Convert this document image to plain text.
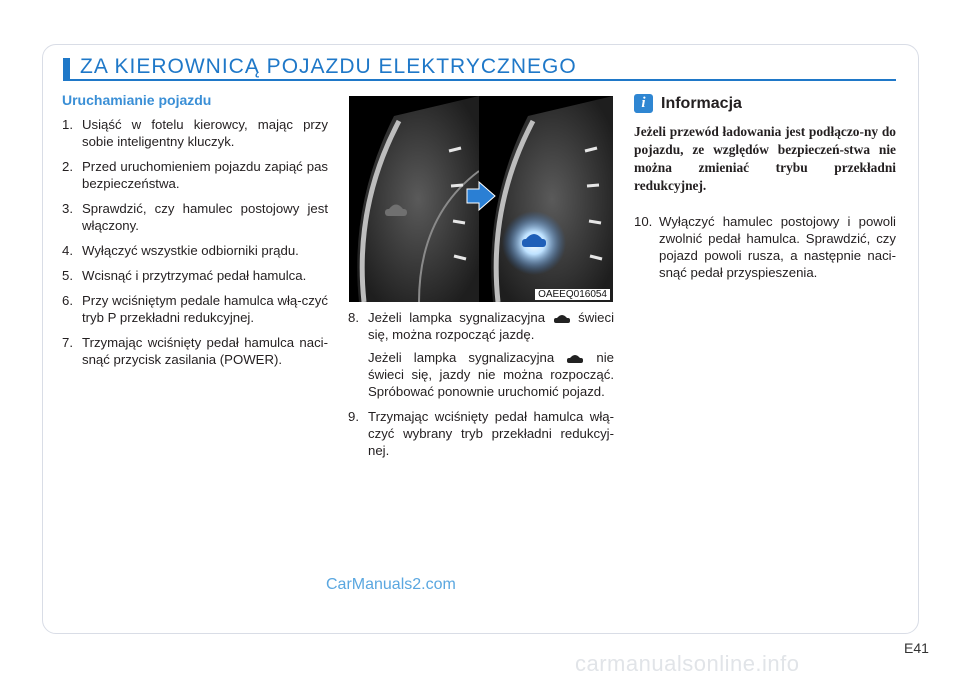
ZA KIEROWNICĄ POJAZDU ELEKTRYCZNEGO
Uruchamianie pojazdu
1. Usiąść w fotelu kierowcy, mając przy sobie inteligentny kluczyk.
2. Przed uruchomieniem pojazdu zapiąć pas bezpieczeństwa.
3. Sprawdzić, czy hamulec postojowy jest włączony.
4. Wyłączyć wszystkie odbiorniki prądu.
5. Wcisnąć i przytrzymać pedał hamulca.
6. Przy wciśniętym pedale hamulca włą-czyć tryb P przekładni redukcyjnej.
7. Trzymając wciśnięty pedał hamulca naci-snąć przycisk zasilania (POWER).
OAEEQ016054
8. Jeżeli lampka sygnalizacyjna	świeci się, można rozpocząć jazdę.
Jeżeli lampka sygnalizacyjna	nie świeci się, jazdy nie można rozpocząć. Spróbować ponownie uruchomić pojazd.
9. Trzymając wciśnięty pedał hamulca włą-czyć wybrany tryb przekładni redukcyj-nej.
i Informacja

Jeżeli przewód ładowania jest podłączo-ny do pojazdu, ze względów bezpieczeń-stwa nie można zmieniać trybu przekładni redukcyjnej.

10. Wyłączyć hamulec postojowy i powoli zwolnić pedał hamulca. Sprawdzić, czy pojazd powoli rusza, a następnie naci-snąć pedał przyspieszenia.
CarManuals2.com
E41
carmanualsonline.info
